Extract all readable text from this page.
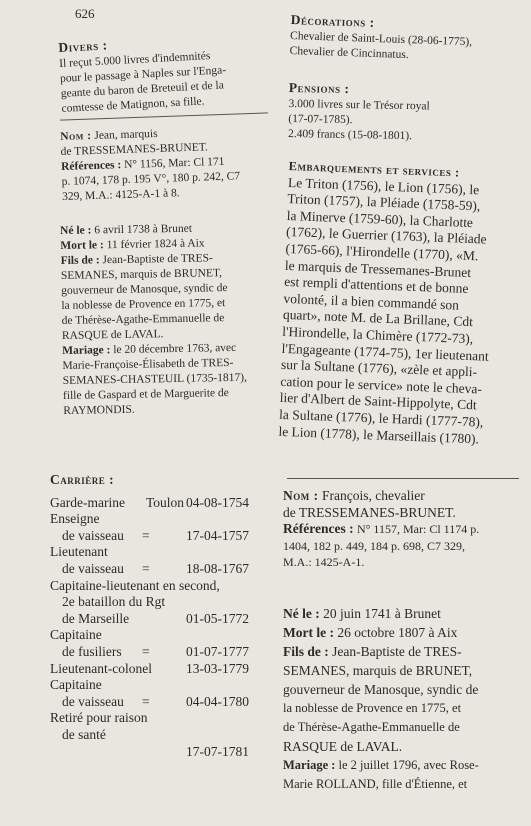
626
Divers :
Il reçut 5.000 livres d'indemnités
pour le passage à Naples sur l'Enga-
geante du baron de Breteuil et de la
comtesse de Matignon, sa fille.
Nom : Jean, marquis
de TRESSEMANES-BRUNET.
Références : N° 1156, Mar: Cl 171
p. 1074, 178 p. 195 V°, 180 p. 242, C7
329, M.A.: 4125-A-1 à 8.
Né le : 6 avril 1738 à Brunet
Mort le : 11 février 1824 à Aix
Fils de : Jean-Baptiste de TRES-
SEMANES, marquis de BRUNET,
gouverneur de Manosque, syndic de
la noblesse de Provence en 1775, et
de Thérèse-Agathe-Emmanuelle de
RASQUE de LAVAL.
Mariage : le 20 décembre 1763, avec
Marie-Françoise-Élisabeth de TRES-
SEMANES-CHASTEUIL (1735-1817),
fille de Gaspard et de Marguerite de
RAYMONDIS.
Carrière :
Garde-marine Toulon 04-08-1754
Enseigne
de vaisseau =	17-04-1757
Lieutenant
de vaisseau =	18-08-1767
Capitaine-lieutenant en second,
2e bataillon du Rgt
de Marseille	01-05-1772
Capitaine
de fusiliers =	01-07-1777
Lieutenant-colonel	13-03-1779
Capitaine
de vaisseau =	04-04-1780
Retiré pour raison
de santé
17-07-1781
Décorations :
Chevalier de Saint-Louis (28-06-1775),
Chevalier de Cincinnatus.
Pensions :
3.000 livres sur le Trésor royal
(17-07-1785).
2.409 francs (15-08-1801).
Embarquements et services :
Le Triton (1756), le Lion (1756), le
Triton (1757), la Pléiade (1758-59),
la Minerve (1759-60), la Charlotte
(1762), le Guerrier (1763), la Pléiade
(1765-66), l'Hirondelle (1770), «M.
le marquis de Tressemanes-Brunet
est rempli d'attentions et de bonne
volonté, il a bien commandé son
quart», note M. de La Brillane, Cdt
l'Hirondelle, la Chimère (1772-73),
l'Engageante (1774-75), 1er lieutenant
sur la Sultane (1776), «zèle et appli-
cation pour le service» note le cheva-
lier d'Albert de Saint-Hippolyte, Cdt
la Sultane (1776), le Hardi (1777-78),
le Lion (1778), le Marseillais (1780).
Nom : François, chevalier
de TRESSEMANES-BRUNET.
Références : N° 1157, Mar: Cl 1174 p.
1404, 182 p. 449, 184 p. 698, C7 329,
M.A.: 1425-A-1.
Né le : 20 juin 1741 à Brunet
Mort le : 26 octobre 1807 à Aix
Fils de : Jean-Baptiste de TRES-
SEMANES, marquis de BRUNET,
gouverneur de Manosque, syndic de
la noblesse de Provence en 1775, et
de Thérèse-Agathe-Emmanuelle de
RASQUE de LAVAL.
Mariage : le 2 juillet 1796, avec Rose-
Marie ROLLAND, fille d'Étienne, et
